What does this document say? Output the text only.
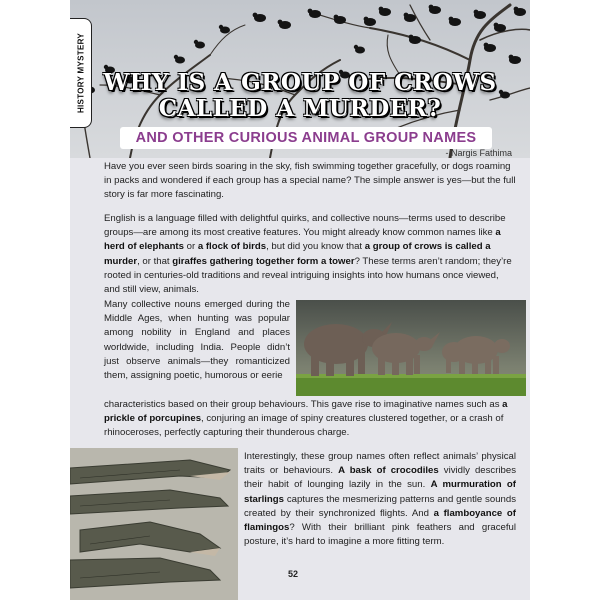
HISTORY MYSTERY WHY IS A GROUP OF CROWS
CALLED A MURDER?
AND OTHER CURIOUS ANIMAL GROUP NAMES
- Nargis Fathima

Have you ever seen birds soaring in the sky, fish swimming together gracefully, or dogs roaming in packs and wondered if each group has a special name? The simple answer is yes—but the full story is far more fascinating.

English is a language filled with delightful quirks, and collective nouns—terms used to describe groups—are among its most creative features. You might already know common names like a herd of elephants or a flock of birds, but did you know that a group of crows is called a murder, or that giraffes gathering together form a tower? These terms aren’t random; they’re rooted in centuries-old traditions and reveal intriguing insights into how humans once viewed, and still view, animals.

Many collective nouns emerged during the Middle Ages, when hunting was popular among nobility in England and places worldwide, including India. People didn’t just observe animals—they romanticized them, assigning poetic, humorous or eerie

characteristics based on their group behaviours. This gave rise to imaginative names such as a prickle of porcupines, conjuring an image of spiny creatures clustered together, or a crash of rhinoceroses, perfectly capturing their thunderous charge.

Interestingly, these group names often reflect animals’ physical traits or behaviours. A bask of crocodiles vividly describes their habit of lounging lazily in the sun. A murmuration of starlings captures the mesmerizing patterns and gentle sounds created by their synchronized flights. And a flamboyance of flamingos? With their brilliant pink feathers and graceful posture, it’s hard to imagine a more fitting term.

52
